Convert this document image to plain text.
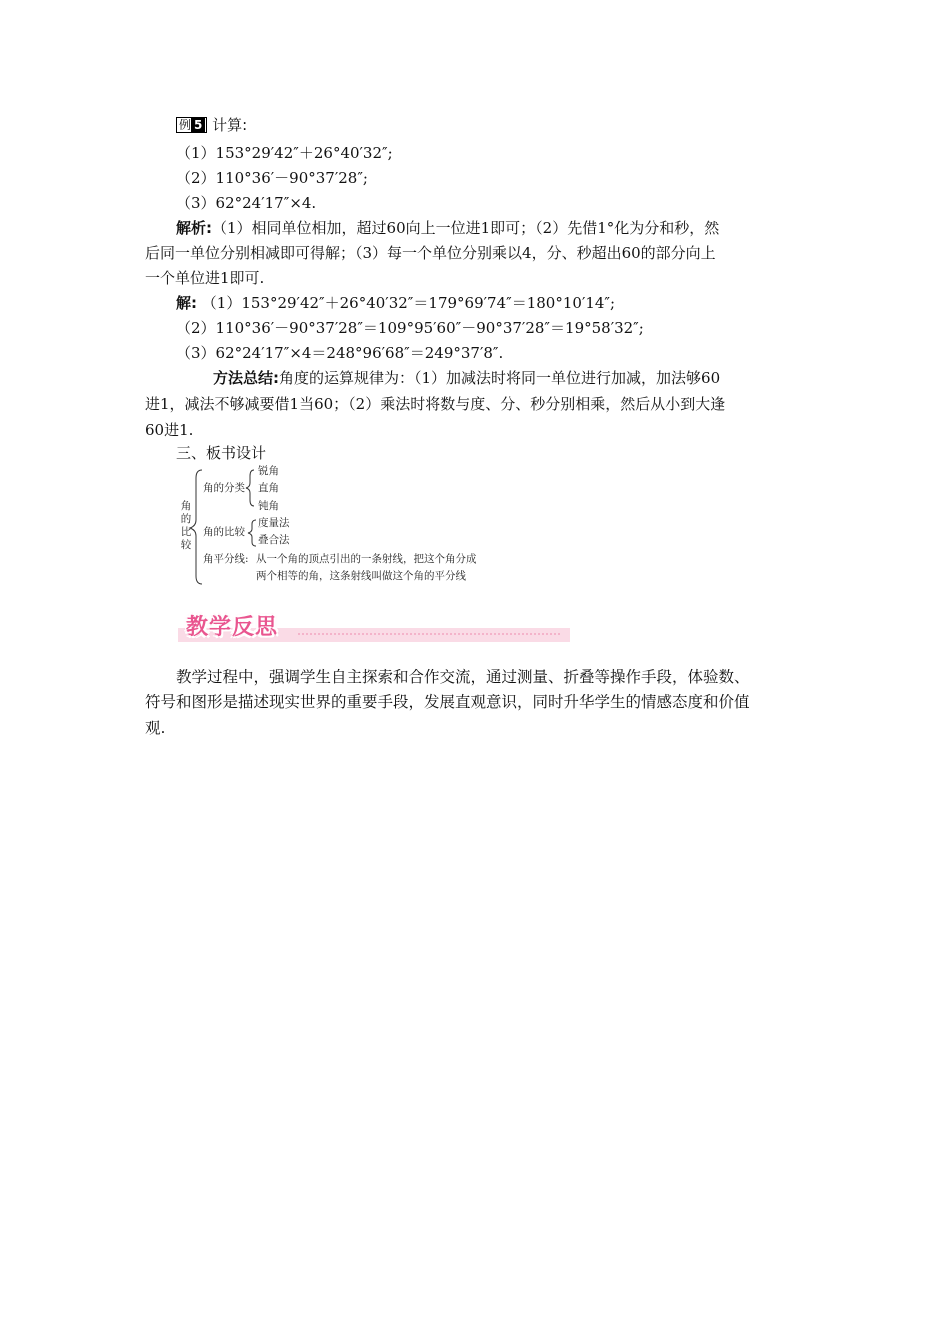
例 5 计算:
（1）153°29′42″＋26°40′32″;
（2）110°36′－90°37′28″;
（3）62°24′17″×4.
解析:（1）相同单位相加，超过60向上一位进1即可；（2）先借1°化为分和秒，然
后同一单位分别相减即可得解；（3）每一个单位分别乘以4，分、秒超出60的部分向上
一个单位进1即可.
解: （1）153°29′42″＋26°40′32″＝179°69′74″＝180°10′14″;
（2）110°36′－90°37′28″＝109°95′60″－90°37′28″＝19°58′32″;
（3）62°24′17″×4＝248°96′68″＝249°37′8″.
方法总结:角度的运算规律为：（1）加减法时将同一单位进行加减，加法够60
进1，减法不够减要借1当60；（2）乘法时将数与度、分、秒分别相乘，然后从小到大逢
60进1.
三、板书设计
角的比较
角的分类
锐角
直角
钝角
角的比较
度量法
叠合法
角平分线: 从一个角的顶点引出的一条射线，把这个角分成
两个相等的角，这条射线叫做这个角的平分线
教学反思
教学过程中，强调学生自主探索和合作交流，通过测量、折叠等操作手段，体验数、
符号和图形是描述现实世界的重要手段，发展直观意识，同时升华学生的情感态度和价值
观.
